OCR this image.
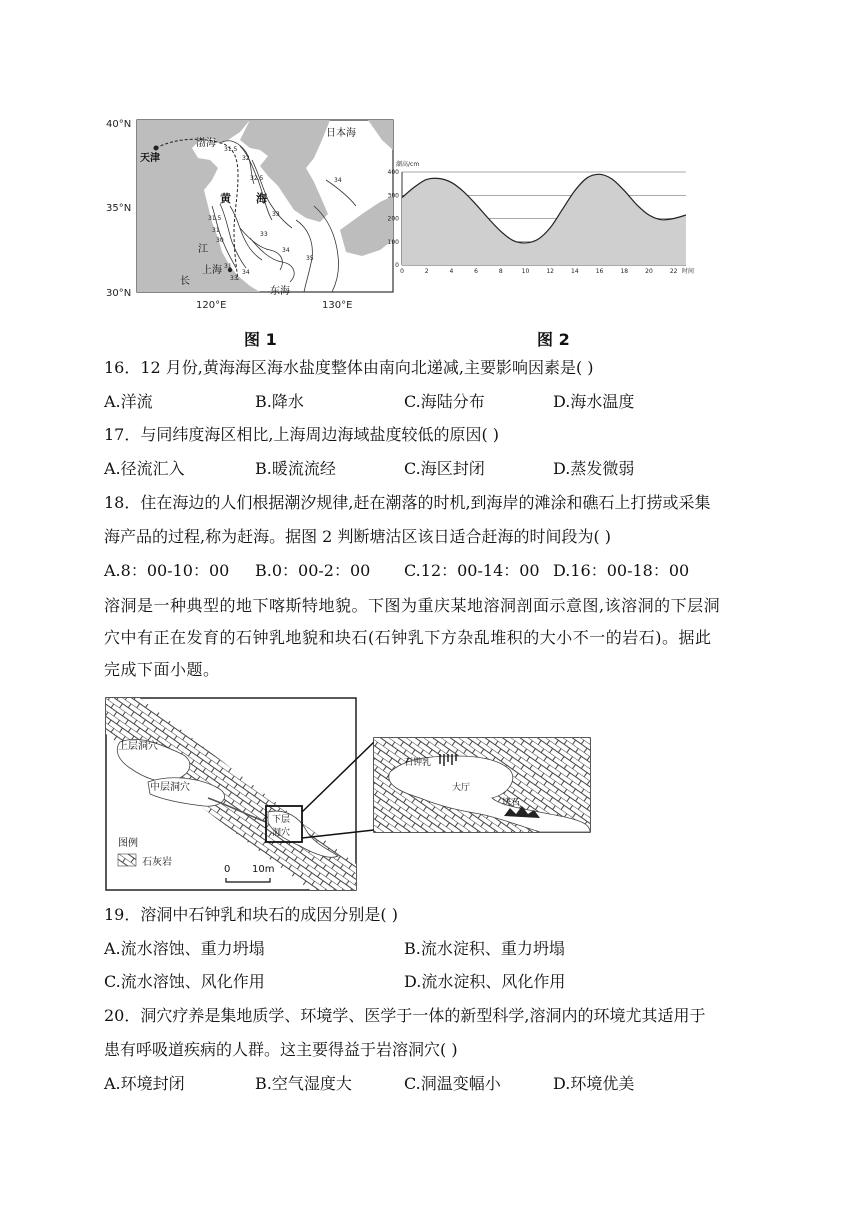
40°N
35°N
30°N
120°E	130°E
天津
渤海
日本海
黄 海
江
长
上海
东海
31.5
32
32.5	34
33
31.5
31
30
33
34
35
34
33
31
图 1
潮高/cm
400
300
200
100
0
0	2	4	6	8	10	12	14	16	18	20	22 时间
图 2
16．12 月份,黄海海区海水盐度整体由南向北递减,主要影响因素是( )
A.洋流	B.降水	C.海陆分布	D.海水温度
17．与同纬度海区相比,上海周边海域盐度较低的原因( )
A.径流汇入	B.暖流流经	C.海区封闭	D.蒸发微弱
18．住在海边的人们根据潮汐规律,赶在潮落的时机,到海岸的滩涂和礁石上打捞或采集
海产品的过程,称为赶海。据图 2 判断塘沽区该日适合赶海的时间段为( )
A.8：00-10：00 B.0：00-2：00 C.12：00-14：00 D.16：00-18：00
溶洞是一种典型的地下喀斯特地貌。下图为重庆某地溶洞剖面示意图,该溶洞的下层洞
穴中有正在发育的石钟乳地貌和块石(石钟乳下方杂乱堆积的大小不一的岩石)。据此
完成下面小题。
上层洞穴
中层洞穴
下层
洞穴
图例
石灰岩
0 10m
石钟乳
大厅
块石
19．溶洞中石钟乳和块石的成因分别是( )
A.流水溶蚀、重力坍塌	B.流水淀积、重力坍塌
C.流水溶蚀、风化作用	D.流水淀积、风化作用
20．洞穴疗养是集地质学、环境学、医学于一体的新型科学,溶洞内的环境尤其适用于
患有呼吸道疾病的人群。这主要得益于岩溶洞穴( )
A.环境封闭	B.空气湿度大	C.洞温变幅小	D.环境优美
